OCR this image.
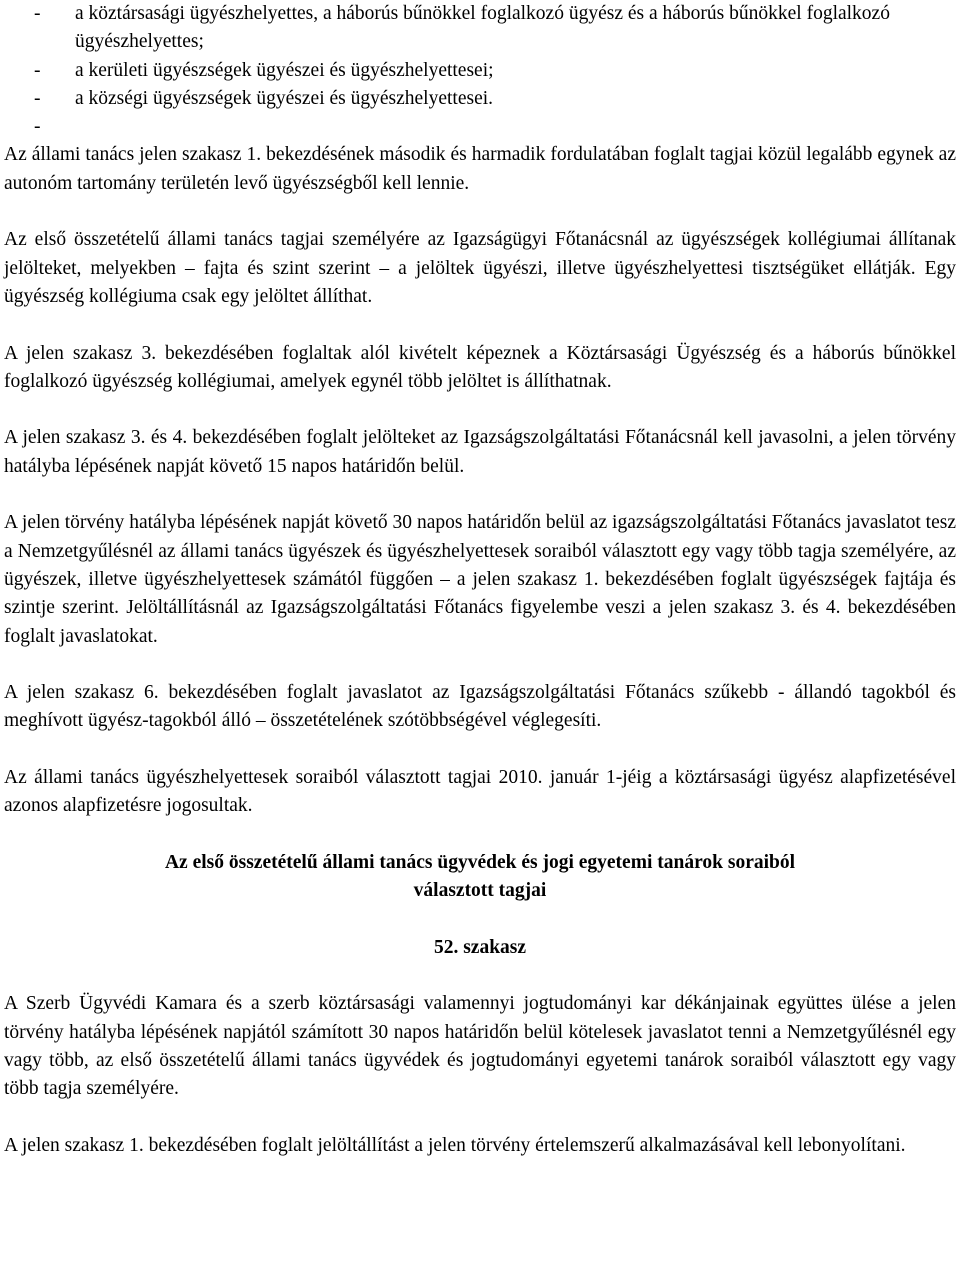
- a köztársasági ügyészhelyettes, a háborús bűnökkel foglalkozó ügyész és a háborús bűnökkel foglalkozó ügyészhelyettes;
- a kerületi ügyészségek ügyészei és ügyészhelyettesei;
- a községi ügyészségek ügyészei és ügyészhelyettesei.
-

Az állami tanács jelen szakasz 1. bekezdésének második és harmadik fordulatában foglalt tagjai közül legalább egynek az autonóm tartomány területén levő ügyészségből kell lennie.

Az első összetételű állami tanács tagjai személyére az Igazságügyi Főtanácsnál az ügyészségek kollégiumai állítanak jelölteket, melyekben – fajta és szint szerint – a jelöltek ügyészi, illetve ügyészhelyettesi tisztségüket ellátják. Egy ügyészség kollégiuma csak egy jelöltet állíthat.

A jelen szakasz 3. bekezdésében foglaltak alól kivételt képeznek a Köztársasági Ügyészség és a háborús bűnökkel foglalkozó ügyészség kollégiumai, amelyek egynél több jelöltet is állíthatnak.

A jelen szakasz 3. és 4. bekezdésében foglalt jelölteket az Igazságszolgáltatási Főtanácsnál kell javasolni, a jelen törvény hatályba lépésének napját követő 15 napos határidőn belül.

A jelen törvény hatályba lépésének napját követő 30 napos határidőn belül az igazságszolgáltatási Főtanács javaslatot tesz a Nemzetgyűlésnél az állami tanács ügyészek és ügyészhelyettesek soraiból választott egy vagy több tagja személyére, az ügyészek, illetve ügyészhelyettesek számától függően – a jelen szakasz 1. bekezdésében foglalt ügyészségek fajtája és szintje szerint. Jelöltállításnál az Igazságszolgáltatási Főtanács figyelembe veszi a jelen szakasz 3. és 4. bekezdésében foglalt javaslatokat.

A jelen szakasz 6. bekezdésében foglalt javaslatot az Igazságszolgáltatási Főtanács szűkebb - állandó tagokból és meghívott ügyész-tagokból álló – összetételének szótöbbségével véglegesíti.

Az állami tanács ügyészhelyettesek soraiból választott tagjai 2010. január 1-jéig a köztársasági ügyész alapfizetésével azonos alapfizetésre jogosultak.

Az első összetételű állami tanács ügyvédek és jogi egyetemi tanárok soraiból

választott tagjai

52. szakasz

A Szerb Ügyvédi Kamara és a szerb köztársasági valamennyi jogtudományi kar dékánjainak együttes ülése a jelen törvény hatályba lépésének napjától számított 30 napos határidőn belül kötelesek javaslatot tenni a Nemzetgyűlésnél egy vagy több, az első összetételű állami tanács ügyvédek és jogtudományi egyetemi tanárok soraiból választott egy vagy több tagja személyére.

A jelen szakasz 1. bekezdésében foglalt jelöltállítást a jelen törvény értelemszerű alkalmazásával kell lebonyolítani.
